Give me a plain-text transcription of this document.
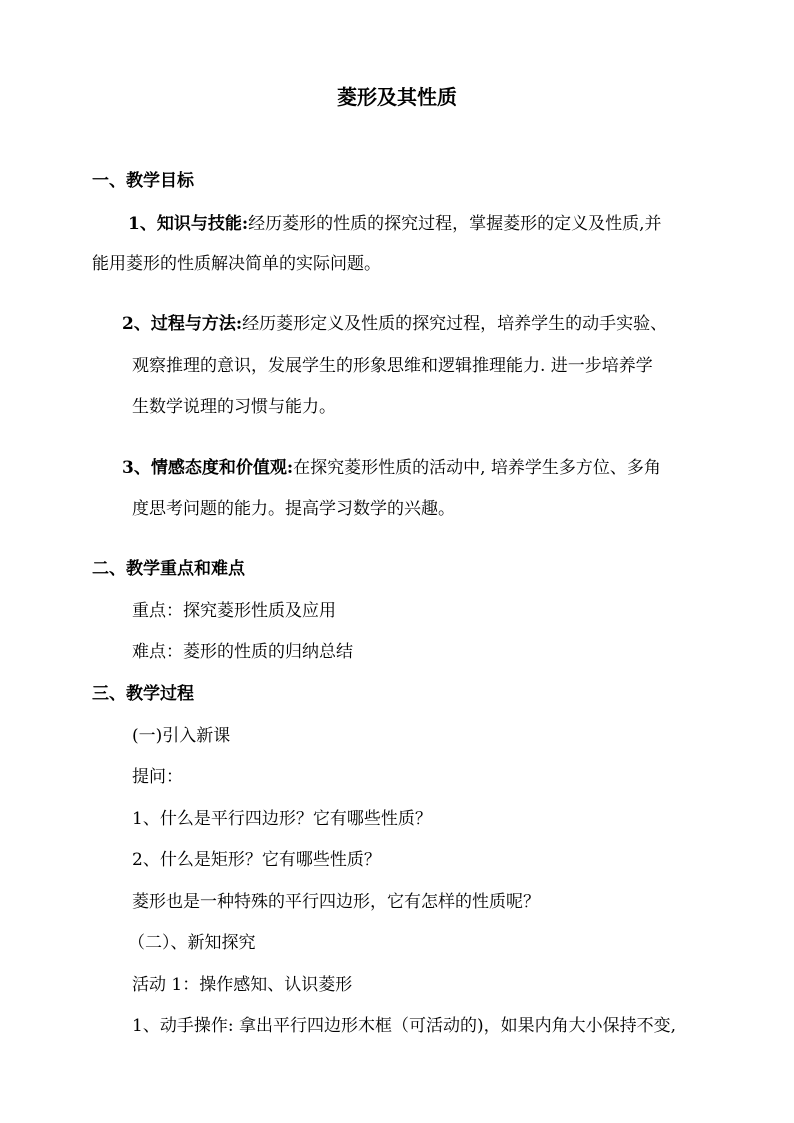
菱形及其性质
一、教学目标
1、知识与技能:经历菱形的性质的探究过程，掌握菱形的定义及性质,并
能用菱形的性质解决简单的实际问题。
2、过程与方法:经历菱形定义及性质的探究过程，培养学生的动手实验、
观察推理的意识，发展学生的形象思维和逻辑推理能力. 进一步培养学
生数学说理的习惯与能力。
3、情感态度和价值观:在探究菱形性质的活动中, 培养学生多方位、多角
度思考问题的能力。提高学习数学的兴趣。
二、教学重点和难点
重点：探究菱形性质及应用
难点：菱形的性质的归纳总结
三、教学过程
(一)引入新课
提问：
1、什么是平行四边形？它有哪些性质？
2、什么是矩形？它有哪些性质？
菱形也是一种特殊的平行四边形，它有怎样的性质呢？
（二）、新知探究
活动 1：操作感知、认识菱形
1、动手操作: 拿出平行四边形木框（可活动的)，如果内角大小保持不变,
